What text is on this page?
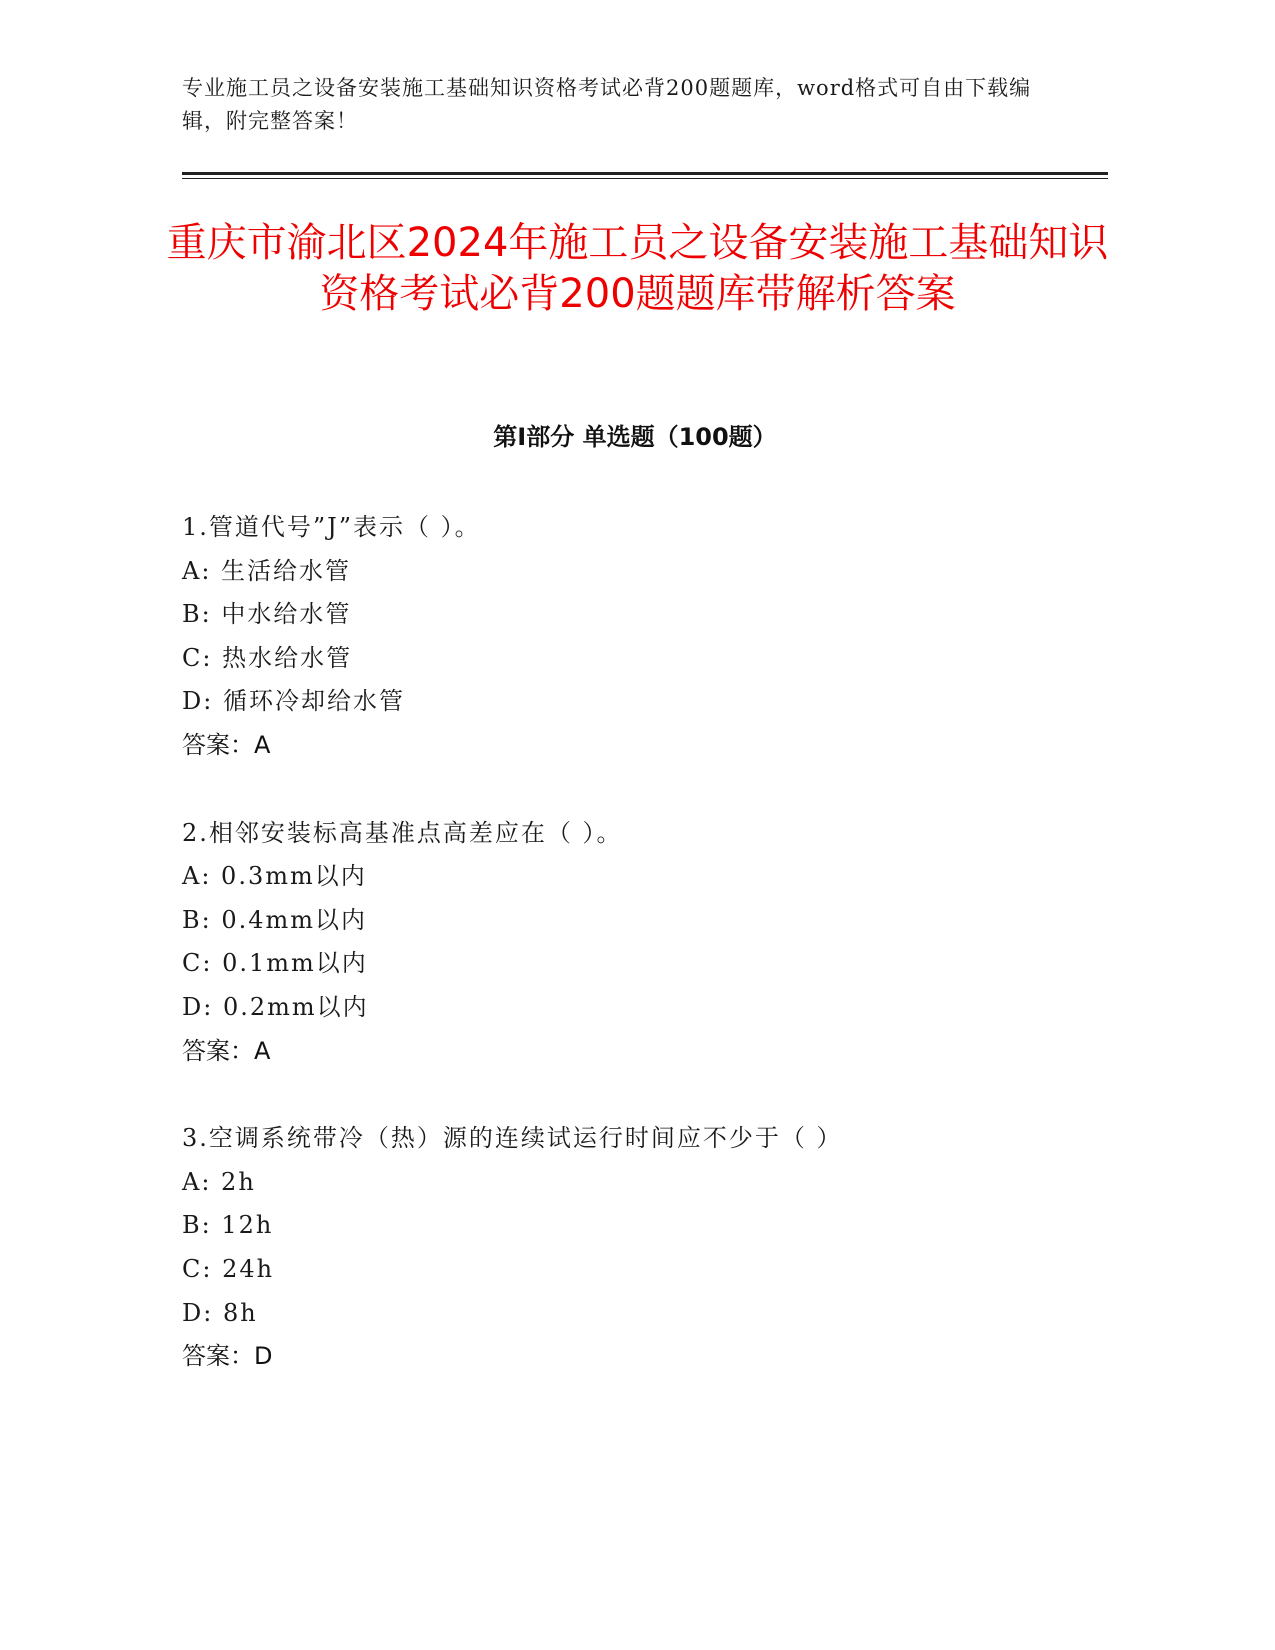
专业施工员之设备安装施工基础知识资格考试必背200题题库，word格式可自由下载编辑，附完整答案！
重庆市渝北区2024年施工员之设备安装施工基础知识资格考试必背200题题库带解析答案
第I部分 单选题（100题）
1.管道代号”J”表示（ ）。
A: 生活给水管
B: 中水给水管
C: 热水给水管
D: 循环冷却给水管
答案：A
2.相邻安装标高基准点高差应在（ ）。
A: 0.3mm以内
B: 0.4mm以内
C: 0.1mm以内
D: 0.2mm以内
答案：A
3.空调系统带冷（热）源的连续试运行时间应不少于（ ）
A: 2h
B: 12h
C: 24h
D: 8h
答案：D
